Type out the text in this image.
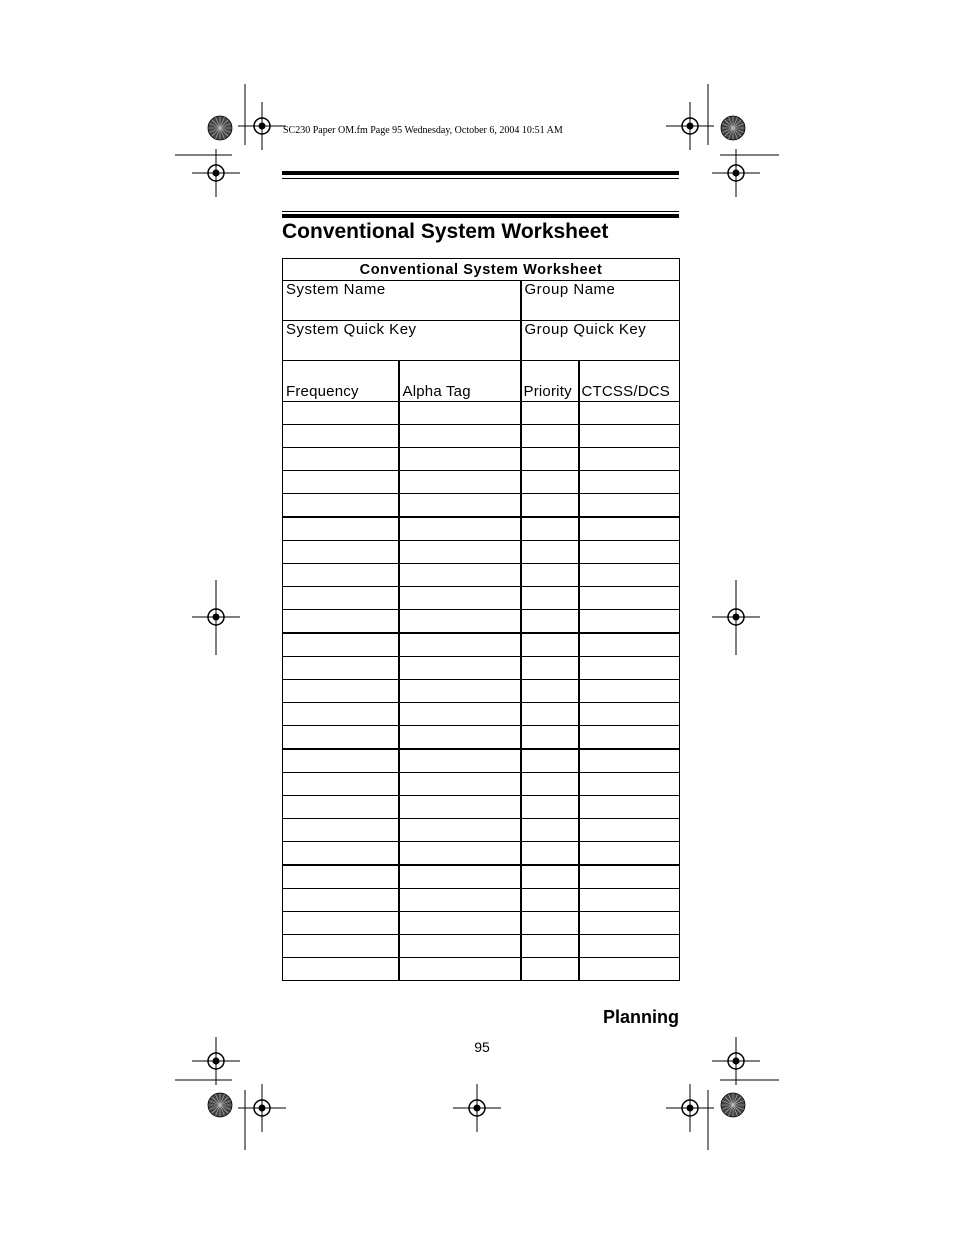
SC230 Paper OM.fm Page 95 Wednesday, October 6, 2004 10:51 AM
Conventional System Worksheet
Conventional System Worksheet			
System Name		Group Name	
System Quick Key		Group Quick Key	
Frequency	Alpha Tag	Priority	CTCSS/DCS

Planning
95
